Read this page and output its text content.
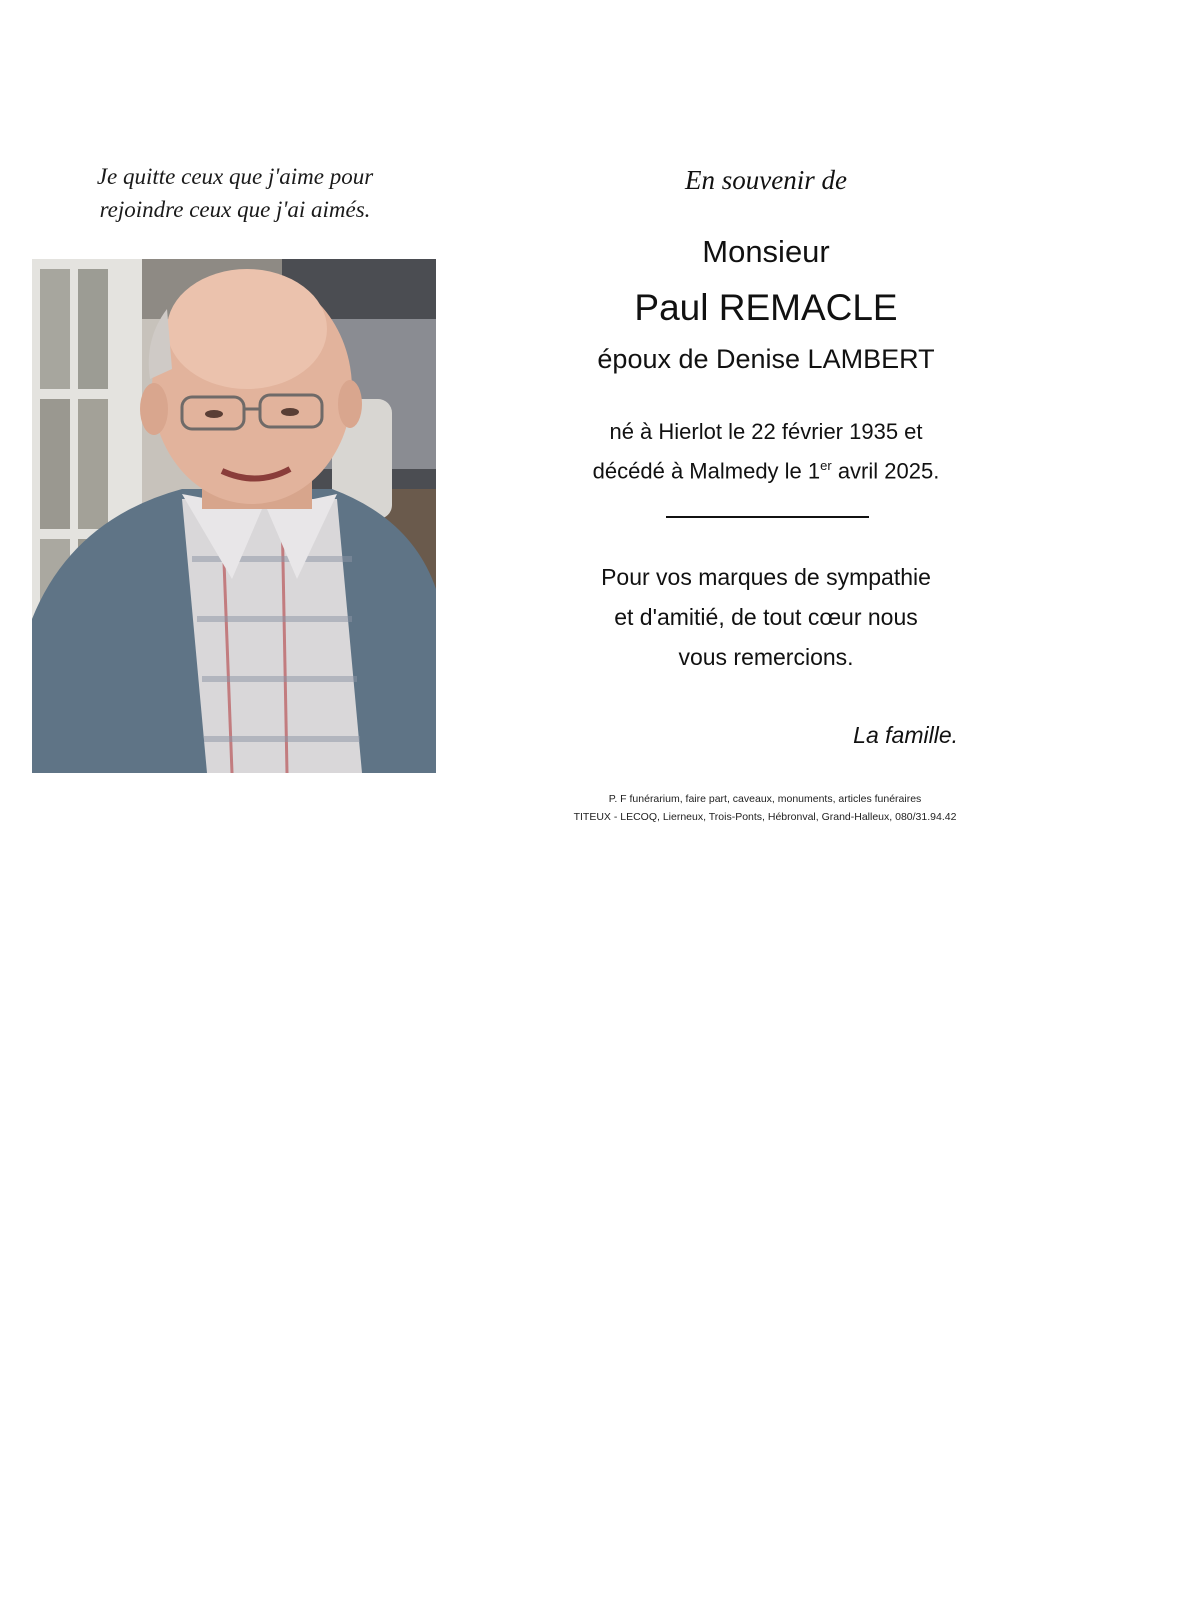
Je quitte ceux que j'aime pour
rejoindre ceux que j'ai aimés.
En souvenir de
Monsieur
Paul REMACLE
époux de Denise LAMBERT
né à Hierlot le 22 février 1935 et
décédé à Malmedy le 1er avril 2025.
Pour vos marques de sympathie
et d'amitié, de tout cœur nous
vous remercions.
La famille.
P. F funérarium, faire part, caveaux, monuments, articles funéraires
TITEUX - LECOQ, Lierneux, Trois-Ponts, Hébronval, Grand-Halleux, 080/31.94.42
